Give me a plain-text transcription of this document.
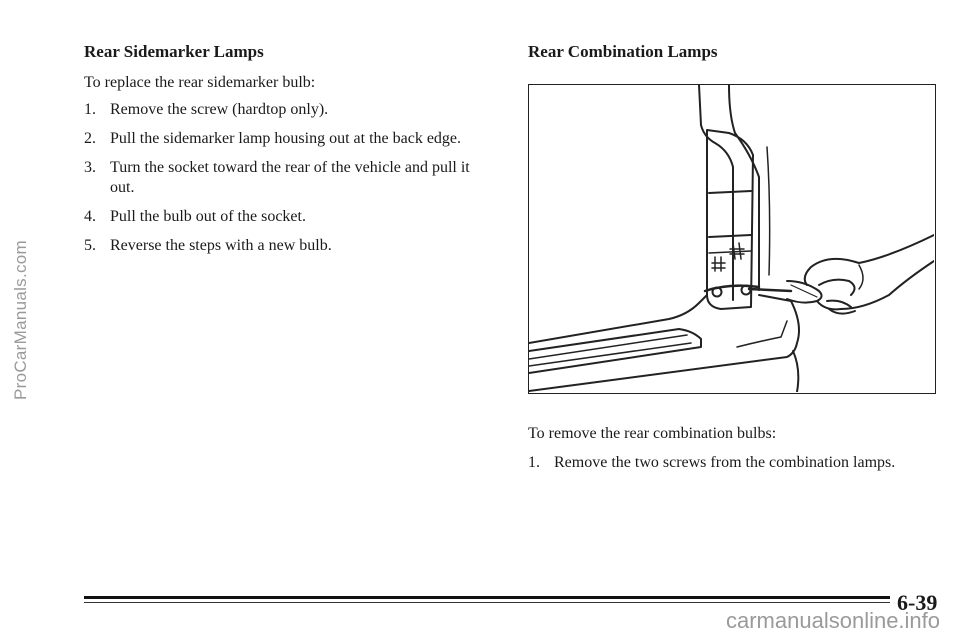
ProCarManuals.com
Rear Sidemarker Lamps

To replace the rear sidemarker bulb:

1. Remove the screw (hardtop only).
2. Pull the sidemarker lamp housing out at the back edge.
3. Turn the socket toward the rear of the vehicle and pull it out.
4. Pull the bulb out of the socket.
5. Reverse the steps with a new bulb.
Rear Combination Lamps

To remove the rear combination bulbs:

1. Remove the two screws from the combination lamps.
6-39
carmanualsonline.info
